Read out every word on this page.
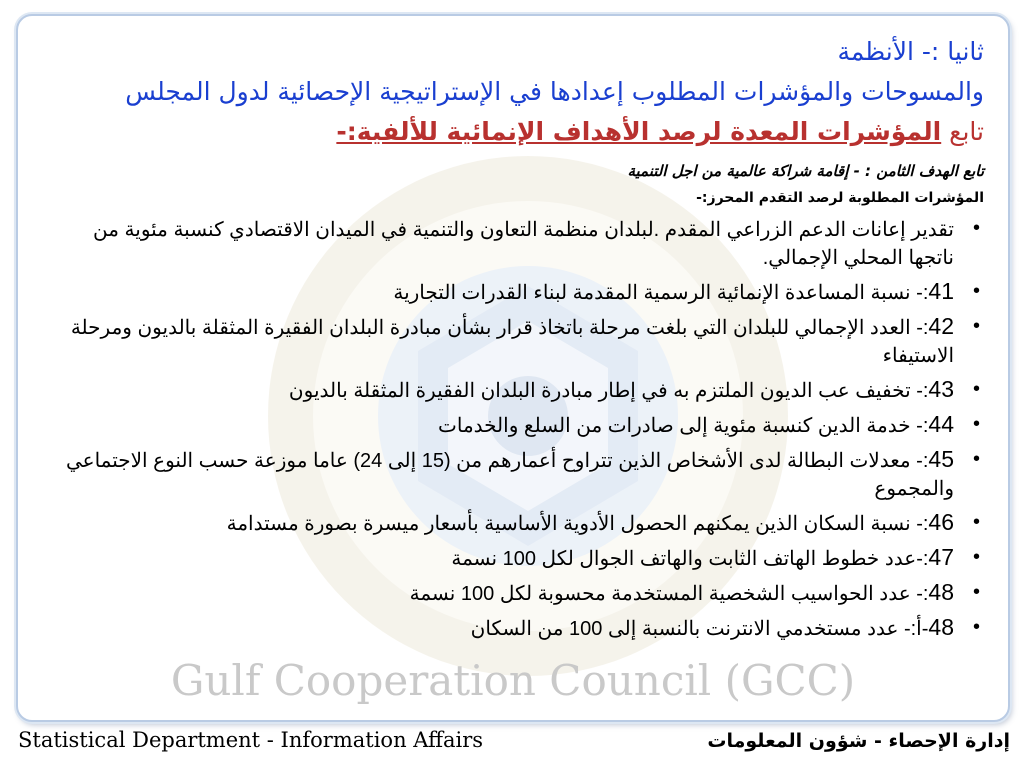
Gulf Cooperation Council (GCC)
ثانيا :- الأنظمة
والمسوحات والمؤشرات المطلوب إعدادها في الإستراتيجية الإحصائية لدول المجلس
تابع المؤشرات المعدة لرصد الأهداف الإنمائية للألفية:-
تابع الهدف الثامن : - إقامة شراكة عالمية من اجل التنمية
المؤشرات المطلوبة لرصد التقدم المحرز:-
•
تقدير إعانات الدعم الزراعي المقدم .لبلدان منظمة التعاون والتنمية في الميدان الاقتصادي كنسبة مئوية من ناتجها المحلي الإجمالي.
•
41:- نسبة المساعدة الإنمائية الرسمية المقدمة لبناء القدرات التجارية
•
42:- العدد الإجمالي للبلدان التي بلغت مرحلة باتخاذ قرار بشأن مبادرة البلدان الفقيرة المثقلة بالديون ومرحلة الاستيفاء
•
43:- تخفيف عب الديون الملتزم به في إطار مبادرة البلدان الفقيرة المثقلة بالديون
•
44:- خدمة الدين كنسبة مئوية إلى صادرات من السلع والخدمات
•
45:- معدلات البطالة لدى الأشخاص الذين تتراوح أعمارهم من (15 إلى 24) عاما موزعة حسب النوع الاجتماعي والمجموع
•
46:- نسبة السكان الذين يمكنهم الحصول الأدوية الأساسية بأسعار ميسرة بصورة مستدامة
•
47:-عدد خطوط الهاتف الثابت والهاتف الجوال لكل 100 نسمة
•
48:- عدد الحواسيب الشخصية المستخدمة محسوبة لكل 100 نسمة
•
48-أ:- عدد مستخدمي الانترنت بالنسبة إلى 100 من السكان
Statistical Department - Information Affairs	إدارة الإحصاء - شؤون المعلومات
